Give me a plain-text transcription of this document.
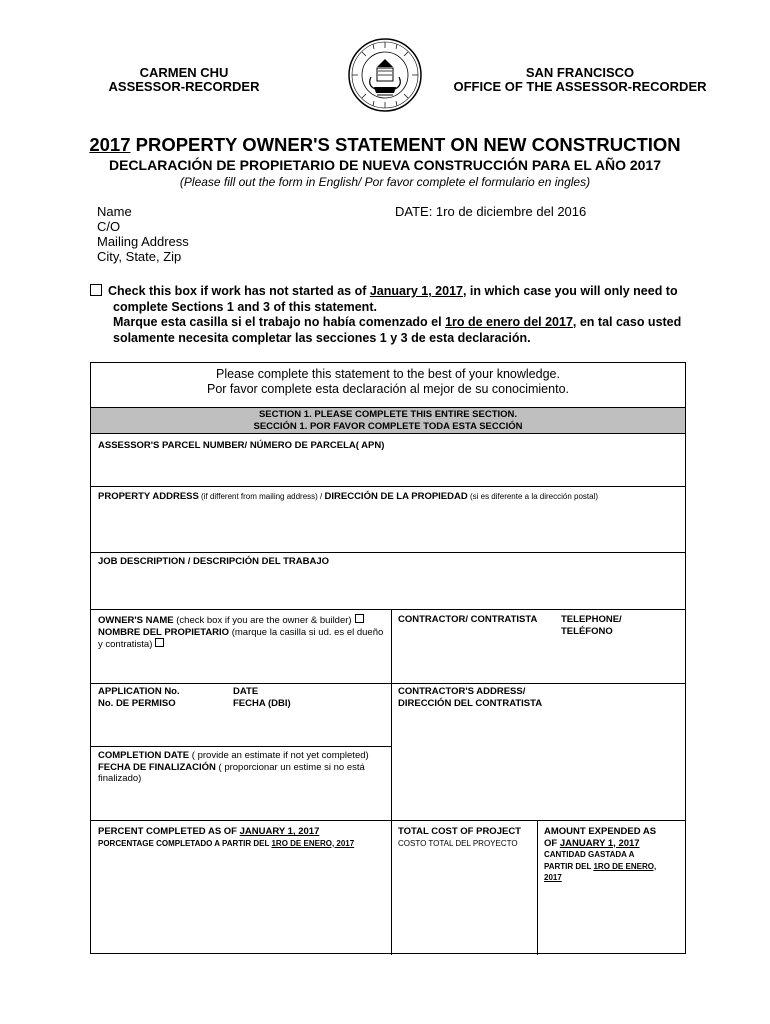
CARMEN CHU
ASSESSOR-RECORDER
SAN FRANCISCO
OFFICE OF THE ASSESSOR-RECORDER
2017 PROPERTY OWNER'S STATEMENT ON NEW CONSTRUCTION
DECLARACIÓN DE PROPIETARIO DE NUEVA CONSTRUCCIÓN PARA EL AÑO 2017
(Please fill out the form in English/ Por favor complete el formulario en ingles)
Name
C/O
Mailing Address
City, State, Zip
DATE: 1ro de diciembre del 2016
Check this box if work has not started as of January 1, 2017, in which case you will only need to
complete Sections 1 and 3 of this statement.
Marque esta casilla si el trabajo no había comenzado el 1ro de enero del 2017, en tal caso usted
solamente necesita completar las secciones 1 y 3 de esta declaración.
Please complete this statement to the best of your knowledge.
Por favor complete esta declaración al mejor de su conocimiento.
SECTION 1. PLEASE COMPLETE THIS ENTIRE SECTION.
SECCIÓN 1. POR FAVOR COMPLETE TODA ESTA SECCIÓN
ASSESSOR'S PARCEL NUMBER/ NÚMERO DE PARCELA( APN)
PROPERTY ADDRESS (if different from mailing address) / DIRECCIÓN DE LA PROPIEDAD (si es diferente a la dirección postal)
JOB DESCRIPTION / DESCRIPCIÓN DEL TRABAJO
OWNER'S NAME (check box if you are the owner & builder)
NOMBRE DEL PROPIETARIO (marque la casilla si ud. es el dueño y contratista)
CONTRACTOR/ CONTRATISTA TELEPHONE/
TELÉFONO
APPLICATION No.
No. DE PERMISO
DATE
FECHA (DBI)
CONTRACTOR'S ADDRESS/
DIRECCIÓN DEL CONTRATISTA
COMPLETION DATE ( provide an estimate if not yet completed)
FECHA DE FINALIZACIÓN ( proporcionar un estime si no está finalizado)
PERCENT COMPLETED AS OF JANUARY 1, 2017
PORCENTAGE COMPLETADO A PARTIR DEL 1RO DE ENERO, 2017
TOTAL COST OF PROJECT
COSTO TOTAL DEL PROYECTO
AMOUNT EXPENDED AS
OF JANUARY 1, 2017
CANTIDAD GASTADA A
PARTIR DEL 1RO DE ENERO,
2017
